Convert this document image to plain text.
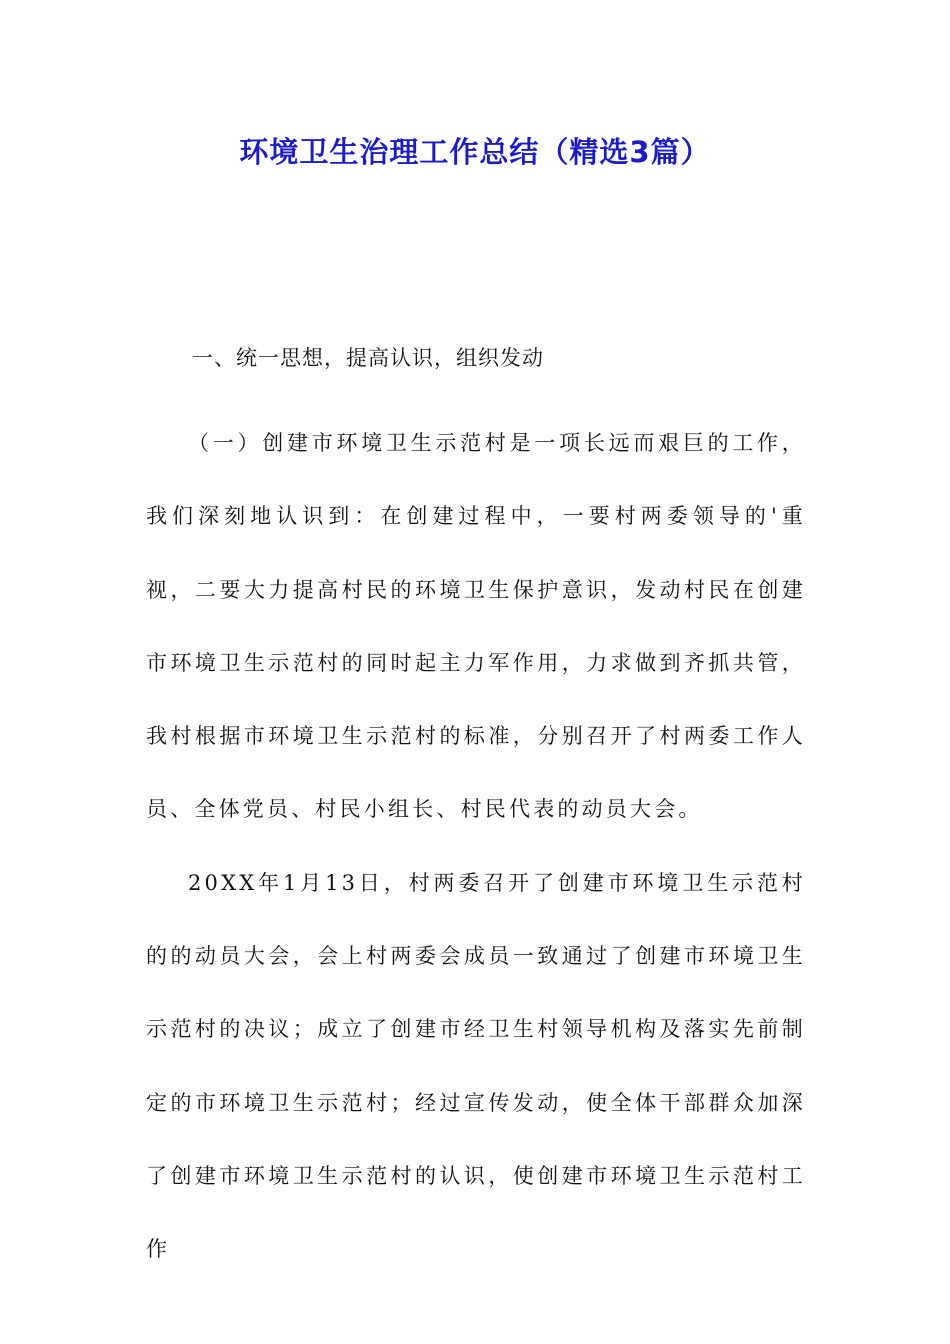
环境卫生治理工作总结（精选3篇）

一、统一思想，提高认识，组织发动

（一）创建市环境卫生示范村是一项长远而艰巨的工作，我们深刻地认识到：在创建过程中，一要村两委领导的'重视，二要大力提高村民的环境卫生保护意识，发动村民在创建市环境卫生示范村的同时起主力军作用，力求做到齐抓共管，我村根据市环境卫生示范村的标准，分别召开了村两委工作人员、全体党员、村民小组长、村民代表的动员大会。

20XX年1月13日，村两委召开了创建市环境卫生示范村的的动员大会，会上村两委会成员一致通过了创建市环境卫生示范村的决议；成立了创建市经卫生村领导机构及落实先前制定的市环境卫生示范村；经过宣传发动，使全体干部群众加深了创建市环境卫生示范村的认识，使创建市环境卫生示范村工作
